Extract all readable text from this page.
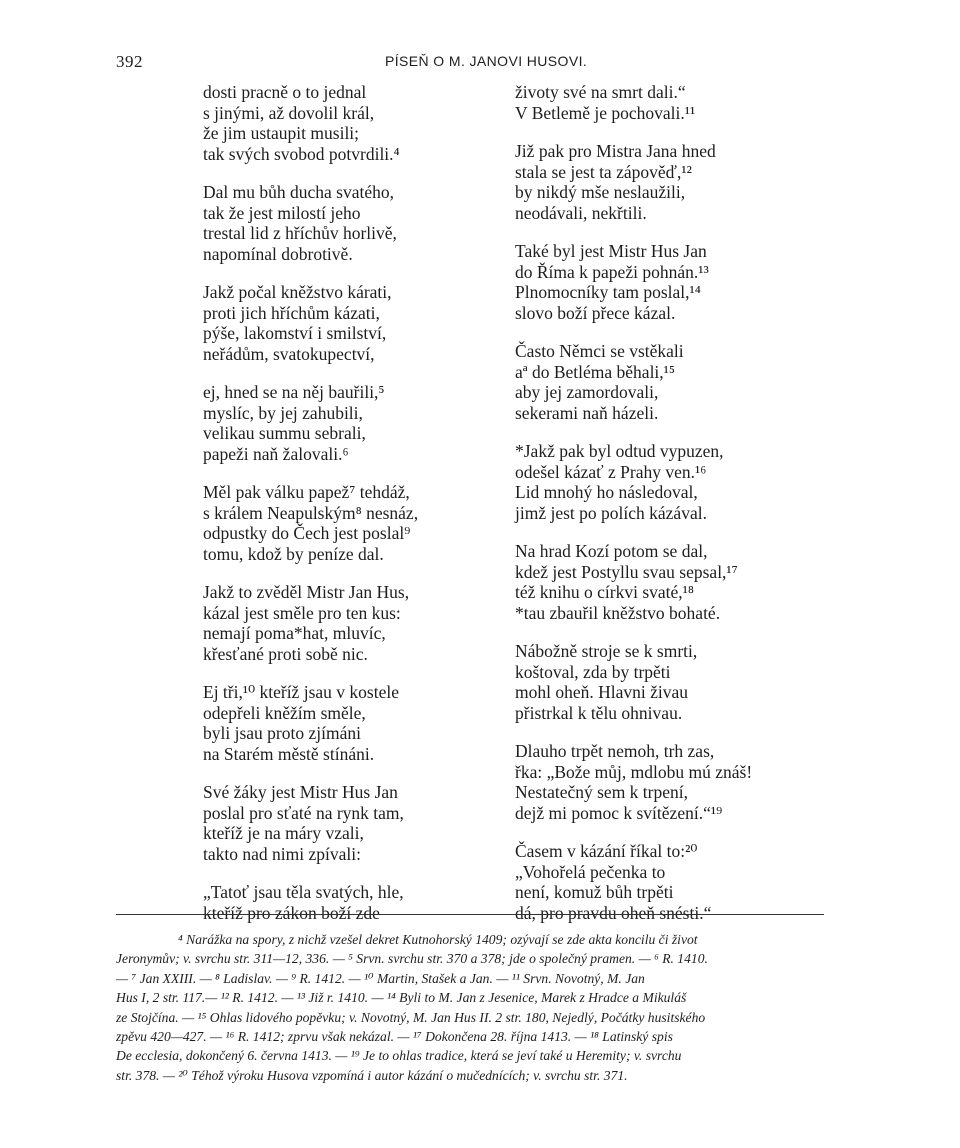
392	PÍSEŇ O M. JANOVI HUSOVI.
dosti pracně o to jednal
s jinými, až dovolil král,
že jim ustaupit musili;
tak svých svobod potvrdili.⁴
Dal mu bůh ducha svatého,
tak že jest milostí jeho
trestal lid z hříchův horlivě,
napomínal dobrotivě.
Jakž počal kněžstvo kárati,
proti jich hříchům kázati,
pýše, lakomství i smilství,
neřádům, svatokupectví,
ej, hned se na něj bauřili,⁵
myslíc, by jej zahubili,
velikau summu sebrali,
papeži naň žalovali.⁶
Měl pak válku papež⁷ tehdáž,
s králem Neapulským⁸ nesnáz,
odpustky do Čech jest poslal⁹
tomu, kdož by peníze dal.
Jakž to zvěděl Mistr Jan Hus,
kázal jest směle pro ten kus:
nemají poma*hat, mluvíc,
křesťané proti sobě nic.
Ej tři,¹⁰ kteříž jsau v kostele
odepřeli kněžím směle,
byli jsau proto zjímáni
na Starém městě stínáni.
Své žáky jest Mistr Hus Jan
poslal pro sťaté na rynk tam,
kteříž je na máry vzali,
takto nad nimi zpívali:
„Tatoť jsau těla svatých, hle,
kteříž pro zákon boží zde
životy své na smrt dali.“
V Betlemě je pochovali.¹¹
Již pak pro Mistra Jana hned
stala se jest ta zápověď,¹²
by nikdý mše neslaužili,
neodávali, nekřtili.
Také byl jest Mistr Hus Jan
do Říma k papeži pohnán.¹³
Plnomocníky tam poslal,¹⁴
slovo boží přece kázal.
Často Němci se vstěkali
aª do Betléma běhali,¹⁵
aby jej zamordovali,
sekerami naň házeli.
*Jakž pak byl odtud vypuzen,
odešel kázať z Prahy ven.¹⁶
Lid mnohý ho následoval,
jimž jest po polích kázával.
Na hrad Kozí potom se dal,
kdež jest Postyllu svau sepsal,¹⁷
též knihu o církvi svaté,¹⁸
*tau zbauřil kněžstvo bohaté.
Nábožně stroje se k smrti,
koštoval, zda by trpěti
mohl oheň. Hlavni živau
přistrkal k tělu ohnivau.
Dlauho trpět nemoh, trh zas,
řka: „Bože můj, mdlobu mú znáš!
Nestatečný sem k trpení,
dejž mi pomoc k svítězení.“¹⁹
Časem v kázání říkal to:²⁰
„Vohořelá pečenka to
není, komuž bůh trpěti
dá, pro pravdu oheň snésti.“
⁴ Narážka na spory, z nichž vzešel dekret Kutnohorský 1409; ozývají se zde akta koncilu či život
Jeronymův; v. svrchu str. 311—12, 336. — ⁵ Srvn. svrchu str. 370 a 378; jde o společný pramen. — ⁶ R. 1410.
— ⁷ Jan XXIII. — ⁸ Ladislav. — ⁹ R. 1412. — ¹⁰ Martin, Stašek a Jan. — ¹¹ Srvn. Novotný, M. Jan
Hus I, 2 str. 117.— ¹² R. 1412. — ¹³ Již r. 1410. — ¹⁴ Byli to M. Jan z Jesenice, Marek z Hradce a Mikuláš
ze Stojčína. — ¹⁵ Ohlas lidového popěvku; v. Novotný, M. Jan Hus II. 2 str. 180, Nejedlý, Počátky husitského
zpěvu 420—427. — ¹⁶ R. 1412; zprvu však nekázal. — ¹⁷ Dokončena 28. října 1413. — ¹⁸ Latinský spis
De ecclesia, dokončený 6. června 1413. — ¹⁹ Je to ohlas tradice, která se jeví také u Heremity; v. svrchu
str. 378. — ²⁰ Téhož výroku Husova vzpomíná i autor kázání o mučednících; v. svrchu str. 371.
